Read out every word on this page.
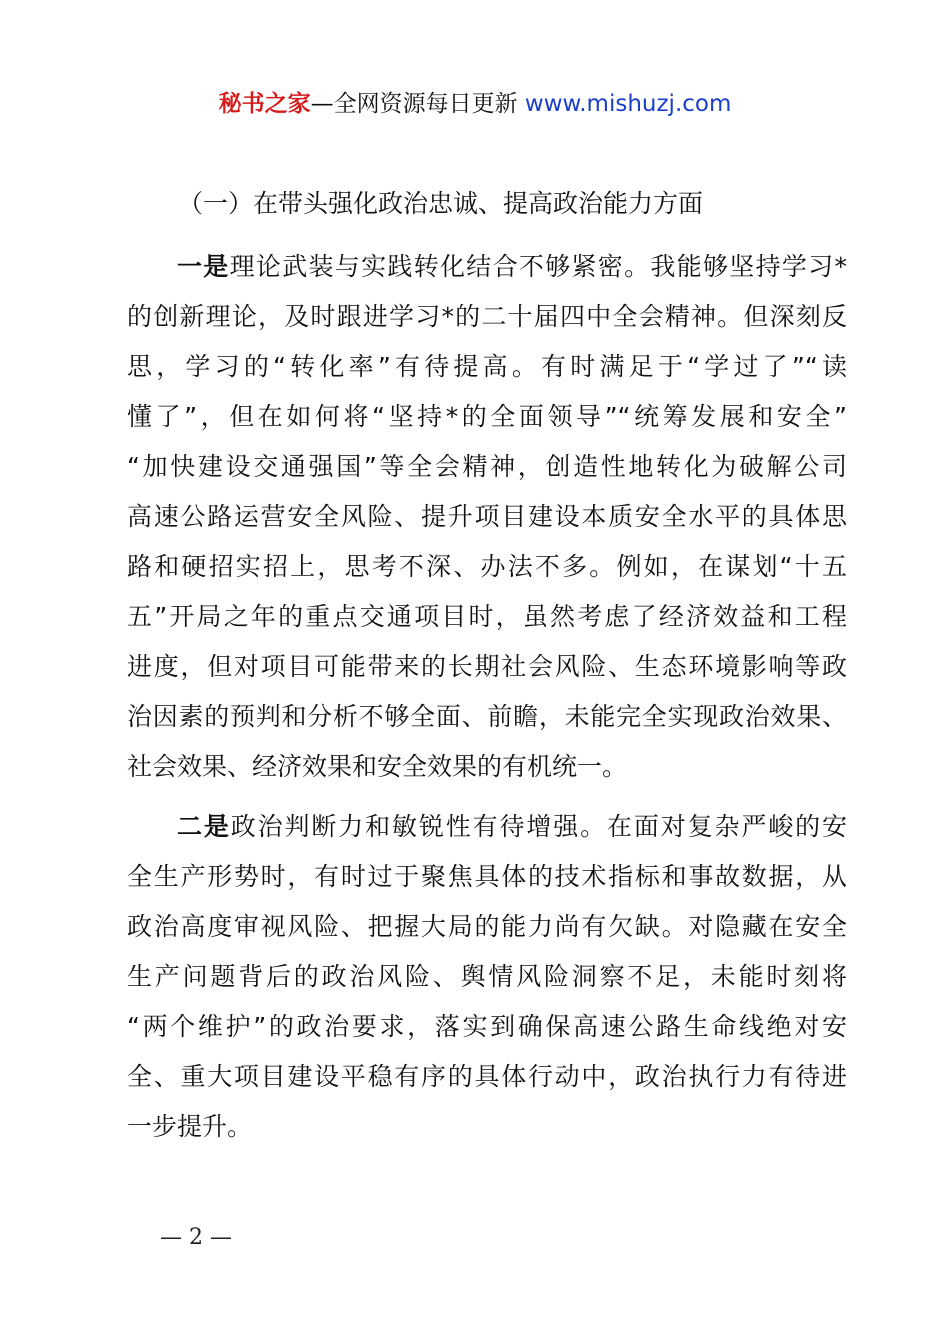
秘书之家—全网资源每日更新 www.mishuzj.com
（一）在带头强化政治忠诚、提高政治能力方面
一是理论武装与实践转化结合不够紧密。我能够坚持学习*
的创新理论，及时跟进学习*的二十届四中全会精神。但深刻反
思，学习的“转化率”有待提高。有时满足于“学过了”“读
懂了”，但在如何将“坚持*的全面领导”“统筹发展和安全”
“加快建设交通强国”等全会精神，创造性地转化为破解公司
高速公路运营安全风险、提升项目建设本质安全水平的具体思
路和硬招实招上，思考不深、办法不多。例如，在谋划“十五
五”开局之年的重点交通项目时，虽然考虑了经济效益和工程
进度，但对项目可能带来的长期社会风险、生态环境影响等政
治因素的预判和分析不够全面、前瞻，未能完全实现政治效果、
社会效果、经济效果和安全效果的有机统一。
二是政治判断力和敏锐性有待增强。在面对复杂严峻的安
全生产形势时，有时过于聚焦具体的技术指标和事故数据，从
政治高度审视风险、把握大局的能力尚有欠缺。对隐藏在安全
生产问题背后的政治风险、舆情风险洞察不足，未能时刻将
“两个维护”的政治要求，落实到确保高速公路生命线绝对安
全、重大项目建设平稳有序的具体行动中，政治执行力有待进
一步提升。
— 2 —
